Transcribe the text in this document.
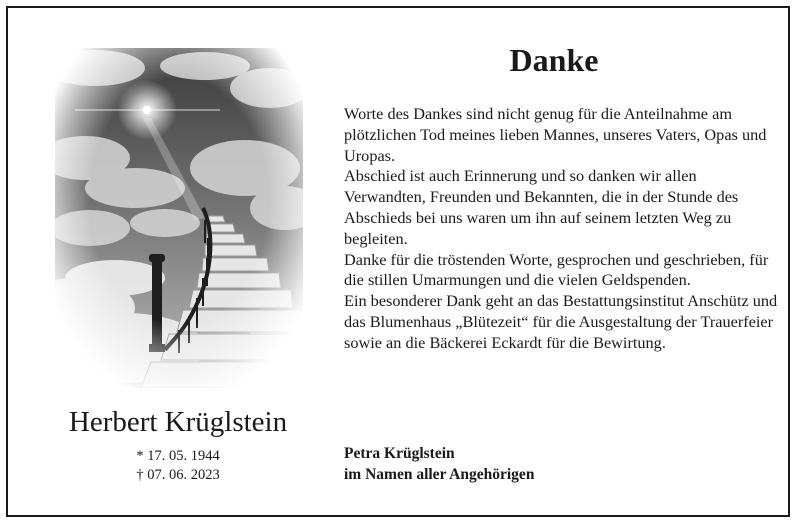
Herbert Krüglstein
* 17. 05. 1944
† 07. 06. 2023
Danke

Worte des Dankes sind nicht genug für die Anteilnahme am plötzlichen Tod meines lieben Mannes, unseres Vaters, Opas und Uropas.

Abschied ist auch Erinnerung und so danken wir allen Verwandten, Freunden und Bekannten, die in der Stunde des Abschieds bei uns waren um ihn auf seinem letzten Weg zu begleiten.

Danke für die tröstenden Worte, gesprochen und geschrieben, für die stillen Umarmungen und die vielen Geldspenden.

Ein besonderer Dank geht an das Bestattungsinstitut Anschütz und das Blumenhaus „Blütezeit“ für die Ausgestaltung der Trauerfeier sowie an die Bäckerei Eckardt für die Bewirtung.

Petra Krüglstein
im Namen aller Angehörigen
